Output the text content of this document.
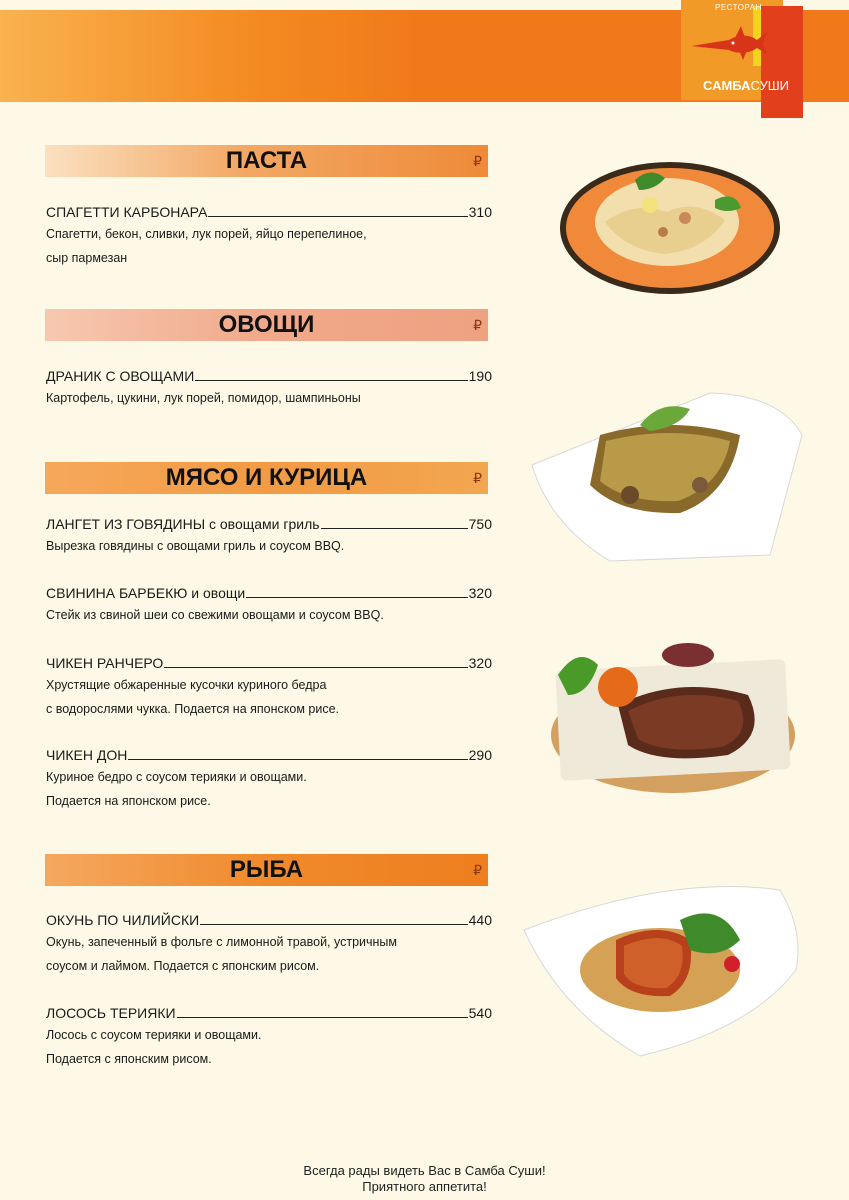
РЕСТОРАН
САМБАСУШИ
ПАСТА	₽
СПАГЕТТИ КАРБОНАРА	310
Спагетти, бекон, сливки, лук порей, яйцо перепелиное,
сыр пармезан
ОВОЩИ	₽
ДРАНИК С ОВОЩАМИ	190
Картофель, цукини, лук порей, помидор, шампиньоны
МЯСО И КУРИЦА	₽
ЛАНГЕТ ИЗ ГОВЯДИНЫ с овощами гриль	750
Вырезка говядины с овощами гриль и соусом BBQ.
СВИНИНА БАРБЕКЮ и овощи	320
Стейк из свиной шеи со свежими овощами и соусом BBQ.
ЧИКЕН РАНЧЕРО	320
Хрустящие обжаренные кусочки куриного бедра
с водорослями чукка. Подается на японском рисе.
ЧИКЕН ДОН	290
Куриное бедро с соусом терияки и овощами.
Подается на японском рисе.
РЫБА	₽
ОКУНЬ ПО ЧИЛИЙСКИ	440
Окунь, запеченный в фольге с лимонной травой, устричным
соусом и лаймом. Подается с японским рисом.
ЛОСОСЬ ТЕРИЯКИ	540
Лосось с соусом терияки и овощами.
Подается с японским рисом.
Всегда рады видеть Вас в Самба Суши!
Приятного аппетита!
